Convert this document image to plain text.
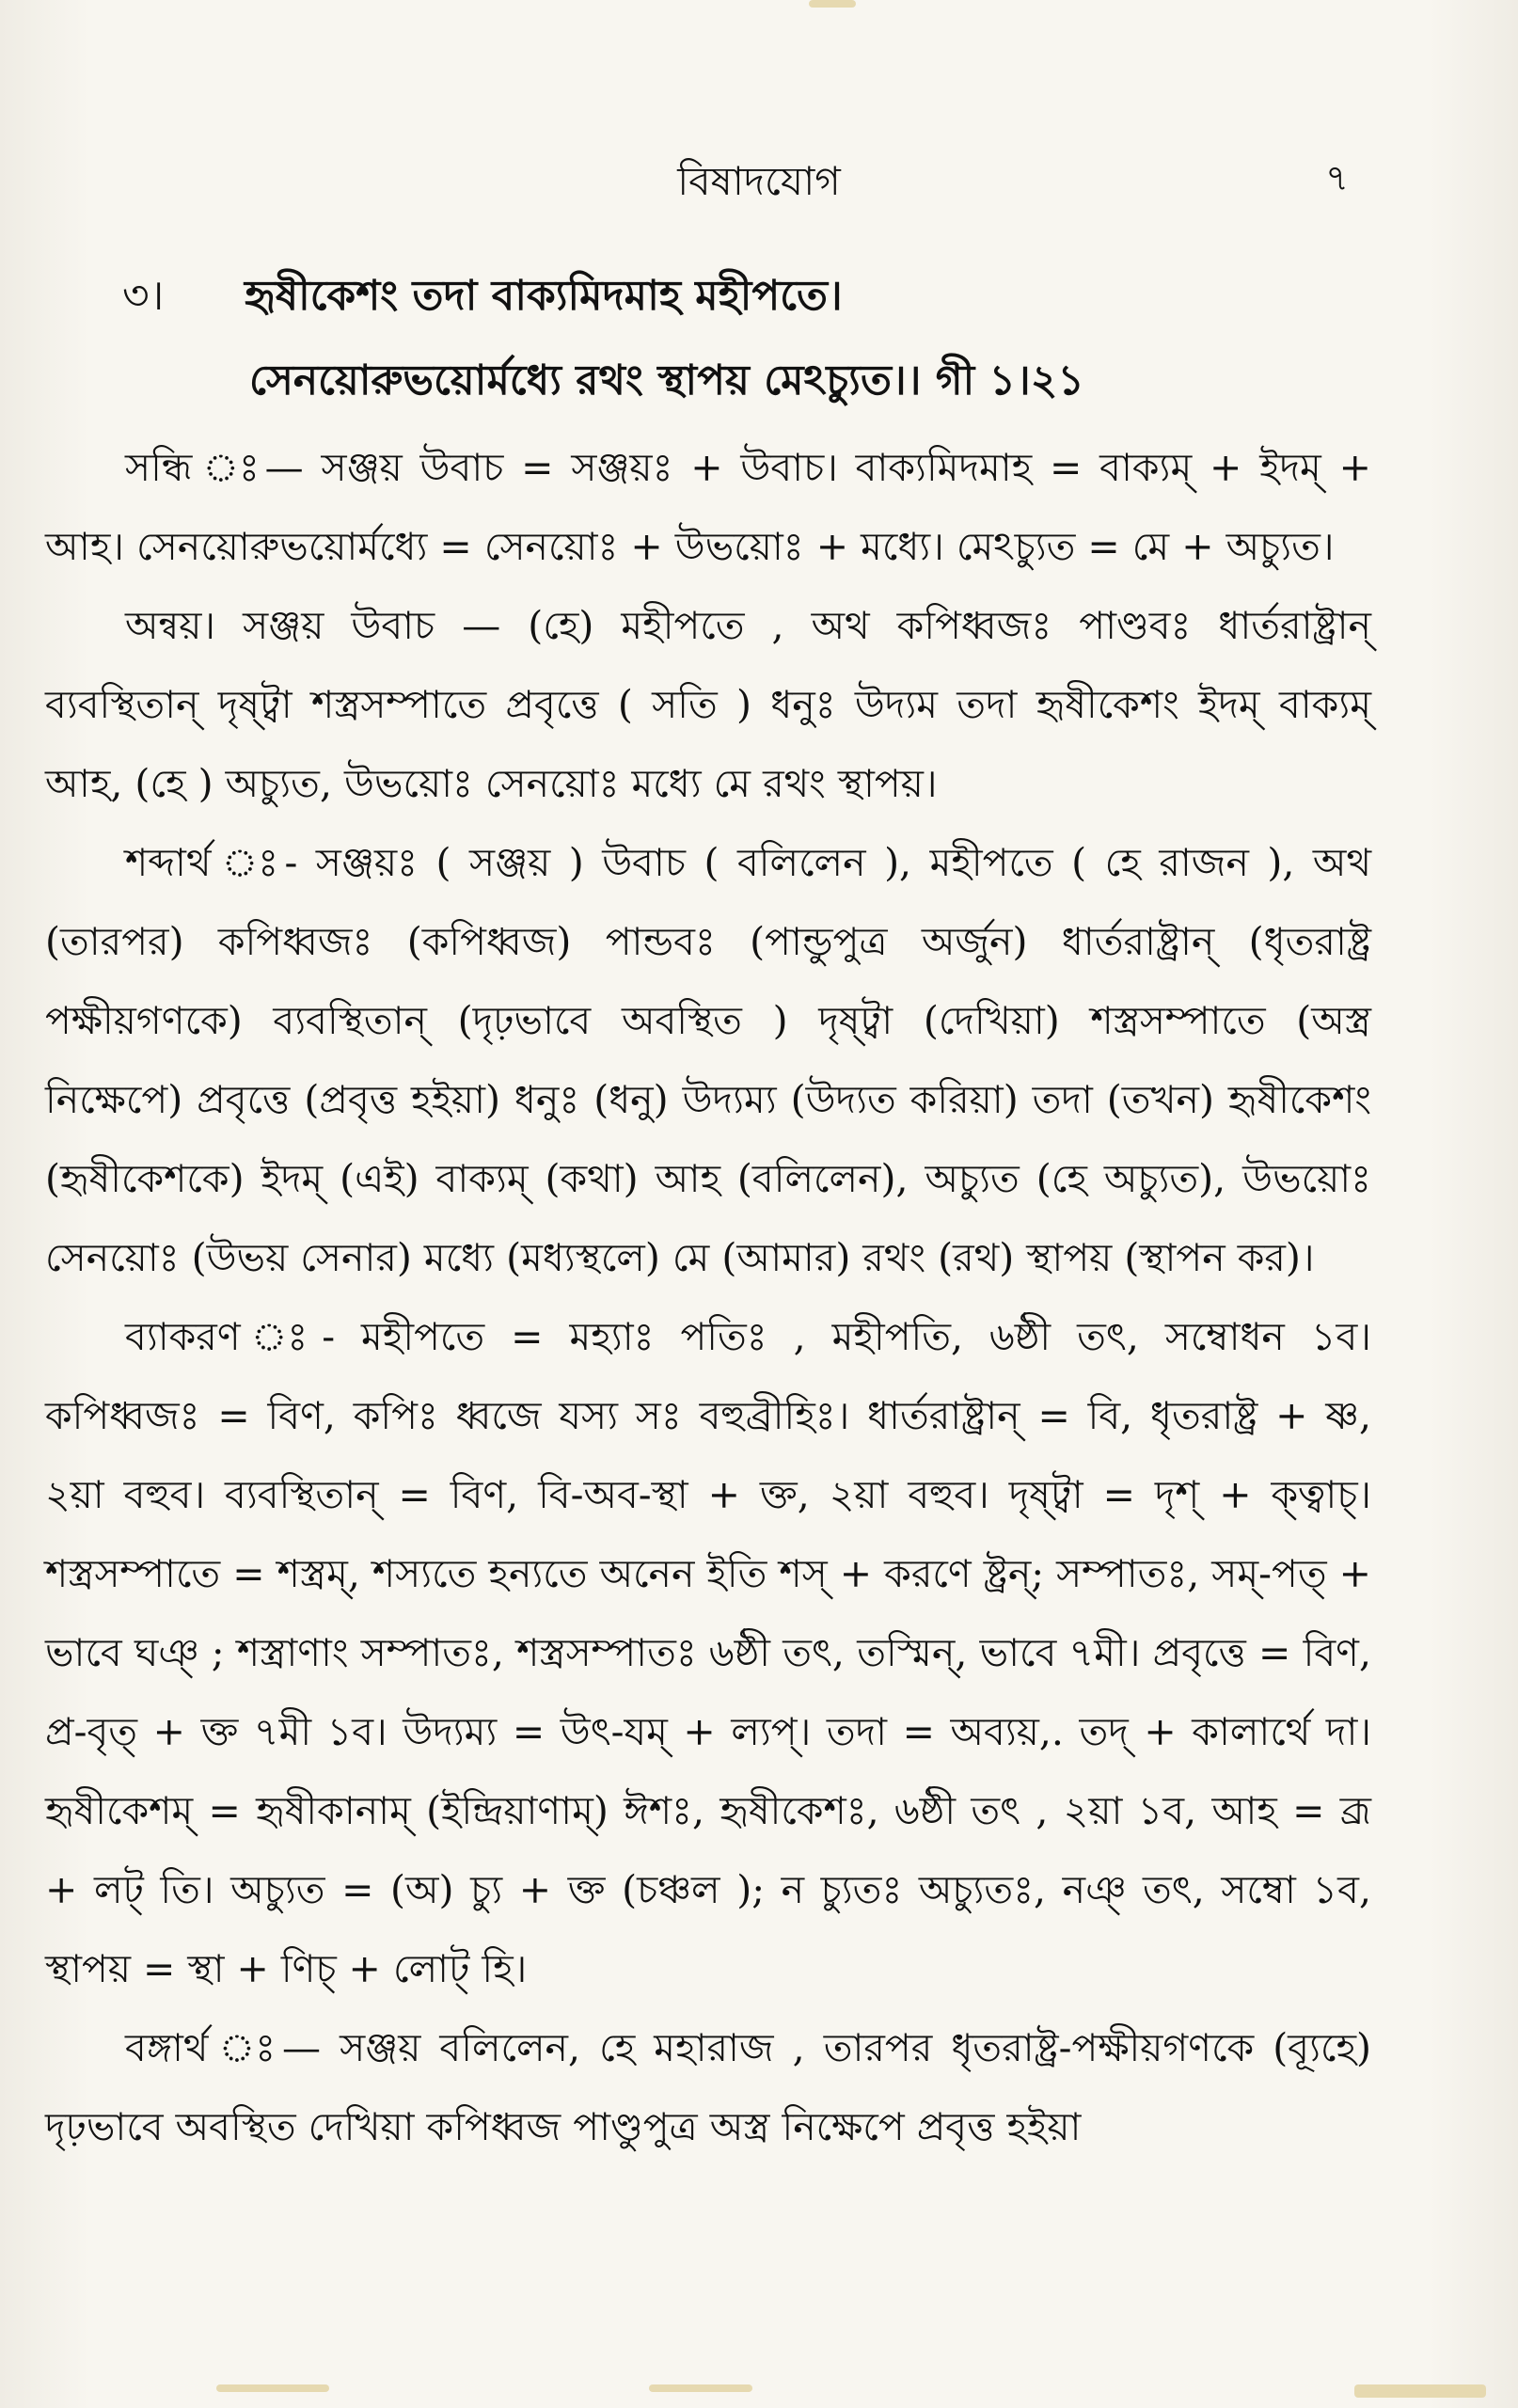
বিষাদযোগ	৭
৩। হৃষীকেশং তদা বাক্যমিদমাহ মহীপতে।
সেনয়োরুভয়োর্মধ্যে রথং স্থাপয় মেঽচ্যুত।। গী ১।২১

সন্ধি ঃ— সঞ্জয় উবাচ = সঞ্জয়ঃ + উবাচ। বাক্যমিদমাহ = বাক্যম্ + ইদম্ + আহ। সেনয়োরুভয়োর্মধ্যে = সেনয়োঃ + উভয়োঃ + মধ্যে। মেঽচ্যুত = মে + অচ্যুত।

অন্বয়। সঞ্জয় উবাচ — (হে) মহীপতে , অথ কপিধ্বজঃ পাণ্ডবঃ ধার্তরাষ্ট্রান্ ব্যবস্থিতান্ দৃষ্ট্বা শস্ত্রসম্পাতে প্রবৃত্তে ( সতি ) ধনুঃ উদ্যম তদা হৃষীকেশং ইদম্ বাক্যম্ আহ, (হে ) অচ্যুত, উভয়োঃ সেনয়োঃ মধ্যে মে রথং স্থাপয়।

শব্দার্থ ঃ- সঞ্জয়ঃ ( সঞ্জয় ) উবাচ ( বলিলেন ), মহীপতে ( হে রাজন ), অথ (তারপর) কপিধ্বজঃ (কপিধ্বজ) পান্ডবঃ (পান্ডুপুত্র অর্জুন) ধার্তরাষ্ট্রান্ (ধৃতরাষ্ট্র পক্ষীয়গণকে) ব্যবস্থিতান্ (দৃঢ়ভাবে অবস্থিত ) দৃষ্ট্বা (দেখিয়া) শস্ত্রসম্পাতে (অস্ত্র নিক্ষেপে) প্রবৃত্তে (প্রবৃত্ত হইয়া) ধনুঃ (ধনু) উদ্যম্য (উদ্যত করিয়া) তদা (তখন) হৃষীকেশং (হৃষীকেশকে) ইদম্ (এই) বাক্যম্ (কথা) আহ (বলিলেন), অচ্যুত (হে অচ্যুত), উভয়োঃ সেনয়োঃ (উভয় সেনার) মধ্যে (মধ্যস্থলে) মে (আমার) রথং (রথ) স্থাপয় (স্থাপন কর)।

ব্যাকরণ ঃ- মহীপতে = মহ্যাঃ পতিঃ , মহীপতি, ৬ষ্ঠী তৎ, সম্বোধন ১ব। কপিধ্বজঃ = বিণ, কপিঃ ধ্বজে যস্য সঃ বহুব্রীহিঃ। ধার্তরাষ্ট্রান্ = বি, ধৃতরাষ্ট্র + ষ্ণ, ২য়া বহুব। ব্যবস্থিতান্ = বিণ, বি-অব-স্থা + ক্ত, ২য়া বহুব। দৃষ্ট্বা = দৃশ্ + ক্ত্বাচ্। শস্ত্রসম্পাতে = শস্ত্রম্, শস্যতে হন্যতে অনেন ইতি শস্ + করণে ষ্ট্রন্; সম্পাতঃ, সম্-পত্ + ভাবে ঘঞ্ ; শস্ত্রাণাং সম্পাতঃ, শস্ত্রসম্পাতঃ ৬ষ্ঠী তৎ, তস্মিন্, ভাবে ৭মী। প্রবৃত্তে = বিণ, প্র-বৃত্ + ক্ত ৭মী ১ব। উদ্যম্য = উৎ-যম্ + ল্যপ্। তদা = অব্যয়,. তদ্ + কালার্থে দা। হৃষীকেশম্ = হৃষীকানাম্ (ইন্দ্রিয়াণাম্) ঈশঃ, হৃষীকেশঃ, ৬ষ্ঠী তৎ , ২য়া ১ব, আহ = ব্রূ + লট্ তি। অচ্যুত = (অ) চ্যু + ক্ত (চঞ্চল ); ন চ্যুতঃ অচ্যুতঃ, নঞ্ তৎ, সম্বো ১ব, স্থাপয় = স্থা + ণিচ্ + লোট্ হি।

বঙ্গার্থ ঃ— সঞ্জয় বলিলেন, হে মহারাজ , তারপর ধৃতরাষ্ট্র-পক্ষীয়গণকে (ব্যূহে) দৃঢ়ভাবে অবস্থিত দেখিয়া কপিধ্বজ পাণ্ডুপুত্র অস্ত্র নিক্ষেপে প্রবৃত্ত হইয়া
